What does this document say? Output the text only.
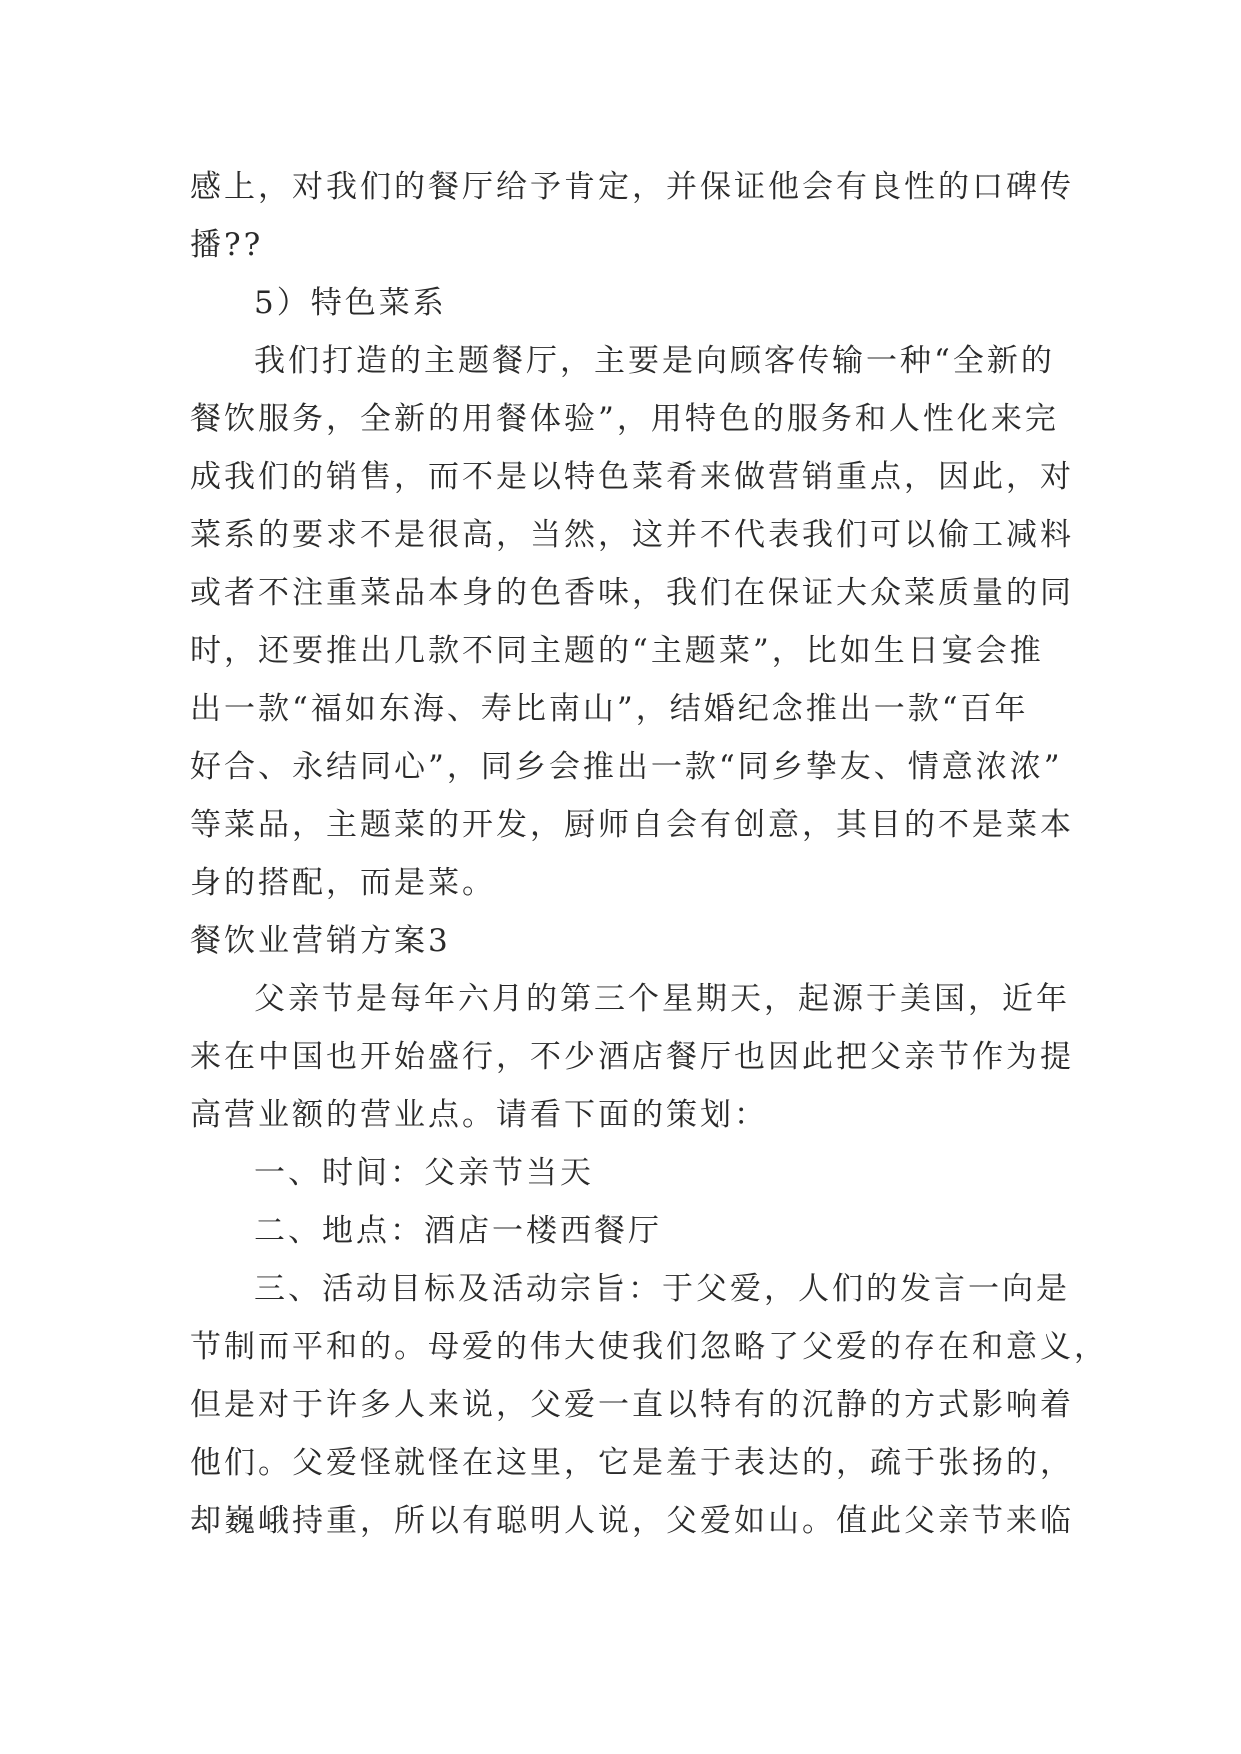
感上，对我们的餐厅给予肯定，并保证他会有良性的口碑传
播??
5）特色菜系
我们打造的主题餐厅，主要是向顾客传输一种“全新的
餐饮服务，全新的用餐体验”，用特色的服务和人性化来完
成我们的销售，而不是以特色菜肴来做营销重点，因此，对
菜系的要求不是很高，当然，这并不代表我们可以偷工减料
或者不注重菜品本身的色香味，我们在保证大众菜质量的同
时，还要推出几款不同主题的“主题菜”，比如生日宴会推
出一款“福如东海、寿比南山”，结婚纪念推出一款“百年
好合、永结同心”，同乡会推出一款“同乡挚友、情意浓浓”
等菜品，主题菜的开发，厨师自会有创意，其目的不是菜本
身的搭配，而是菜。
餐饮业营销方案3
父亲节是每年六月的第三个星期天，起源于美国，近年
来在中国也开始盛行，不少酒店餐厅也因此把父亲节作为提
高营业额的营业点。请看下面的策划：
一、时间：父亲节当天
二、地点：酒店一楼西餐厅
三、活动目标及活动宗旨：于父爱，人们的发言一向是
节制而平和的。母爱的伟大使我们忽略了父爱的存在和意义，
但是对于许多人来说，父爱一直以特有的沉静的方式影响着
他们。父爱怪就怪在这里，它是羞于表达的，疏于张扬的，
却巍峨持重，所以有聪明人说，父爱如山。值此父亲节来临
